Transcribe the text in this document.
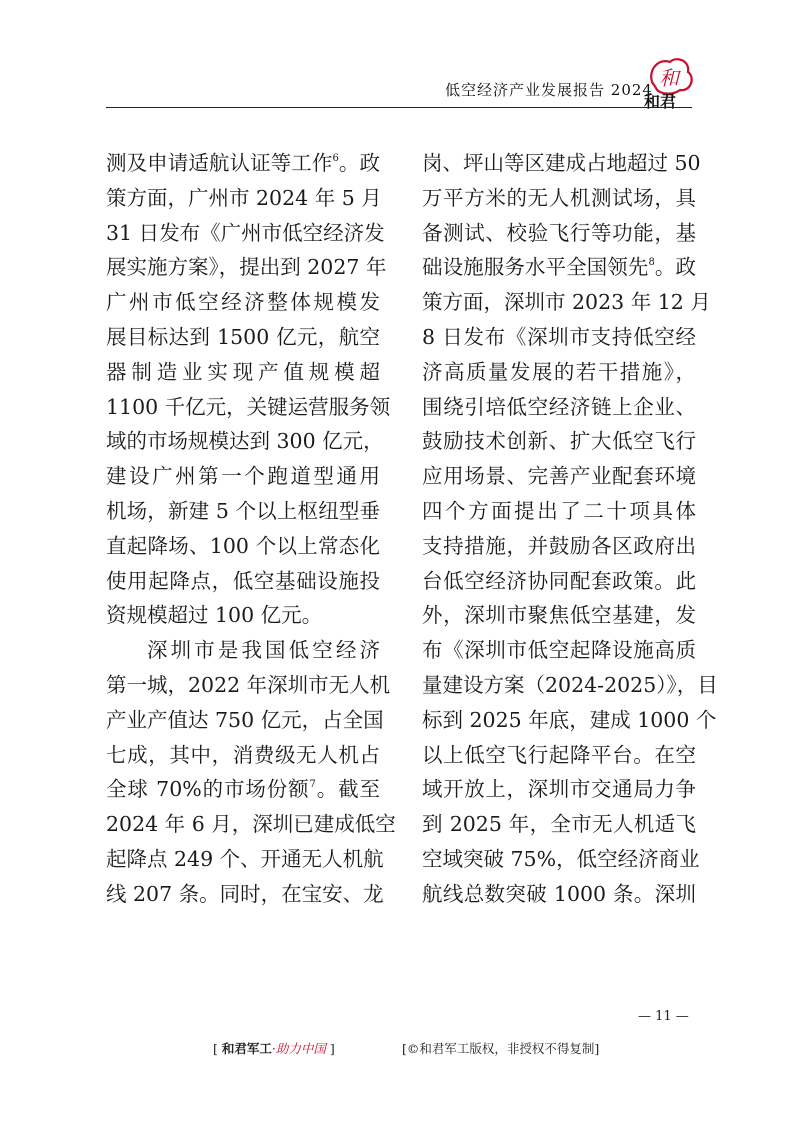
低空经济产业发展报告 2024 和
和君
测及申请适航认证等工作$^6$。政
策方面，广州市 2024 年 5 月
31 日发布《广州市低空经济发
展实施方案》，提出到 2027 年
广州市低空经济整体规模发
展目标达到 1500 亿元，航空
器制造业实现产值规模超
1100 千亿元，关键运营服务领
域的市场规模达到 300 亿元，
建设广州第一个跑道型通用
机场，新建 5 个以上枢纽型垂
直起降场、100 个以上常态化
使用起降点，低空基础设施投
资规模超过 100 亿元。
深圳市是我国低空经济
第一城，2022 年深圳市无人机
产业产值达 750 亿元，占全国
七成，其中，消费级无人机占
全球 70%的市场份额$^7$。截至
2024 年 6 月，深圳已建成低空
起降点 249 个、开通无人机航
线 207 条。同时，在宝安、龙
岗、坪山等区建成占地超过 50
万平方米的无人机测试场，具
备测试、校验飞行等功能，基
础设施服务水平全国领先$^8$。政
策方面，深圳市 2023 年 12 月
8 日发布《深圳市支持低空经
济高质量发展的若干措施》，
围绕引培低空经济链上企业、
鼓励技术创新、扩大低空飞行
应用场景、完善产业配套环境
四个方面提出了二十项具体
支持措施，并鼓励各区政府出
台低空经济协同配套政策。此
外，深圳市聚焦低空基建，发
布《深圳市低空起降设施高质
量建设方案（2024-2025）》，目
标到 2025 年底，建成 1000 个
以上低空飞行起降平台。在空
域开放上，深圳市交通局力争
到 2025 年，全市无人机适飞
空域突破 75%，低空经济商业
航线总数突破 1000 条。深圳
— 11 —
[ 和君军工·助力中国 ]	[©和君军工版权，非授权不得复制]
